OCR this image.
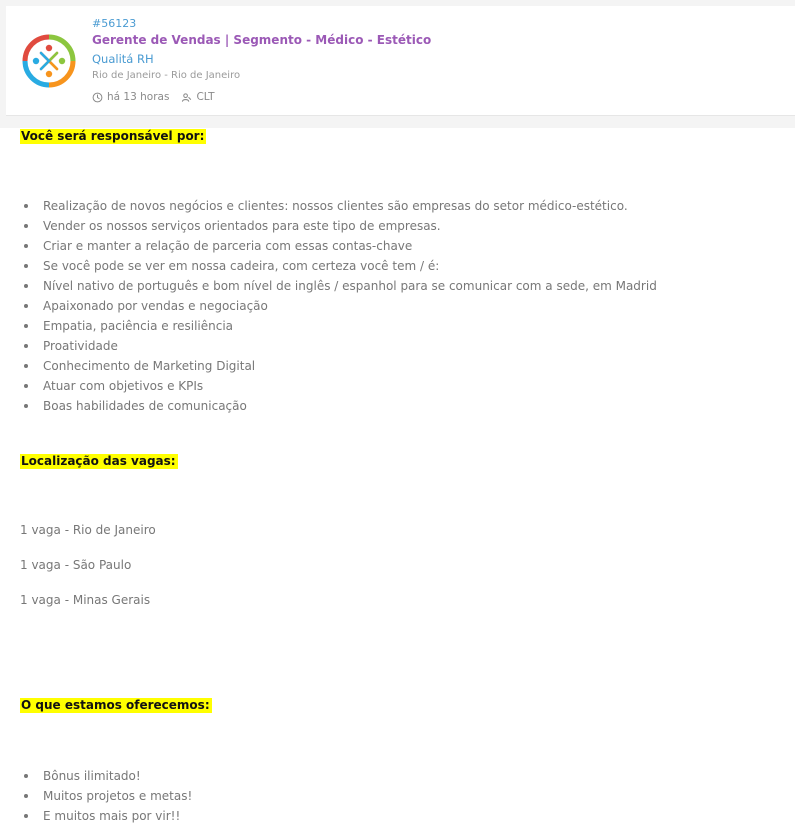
#56123
Gerente de Vendas | Segmento - Médico - Estético
Qualitá RH
Rio de Janeiro - Rio de Janeiro
há 13 horas	CLT
Você será responsável por:
Realização de novos negócios e clientes: nossos clientes são empresas do setor médico-estético.
Vender os nossos serviços orientados para este tipo de empresas.
Criar e manter a relação de parceria com essas contas-chave
Se você pode se ver em nossa cadeira, com certeza você tem / é:
Nível nativo de português e bom nível de inglês / espanhol para se comunicar com a sede, em Madrid
Apaixonado por vendas e negociação
Empatia, paciência e resiliência
Proatividade
Conhecimento de Marketing Digital
Atuar com objetivos e KPIs
Boas habilidades de comunicação
Localização das vagas:
1 vaga - Rio de Janeiro
1 vaga - São Paulo
1 vaga - Minas Gerais
O que estamos oferecemos:
Bônus ilimitado!
Muitos projetos e metas!
E muitos mais por vir!!
